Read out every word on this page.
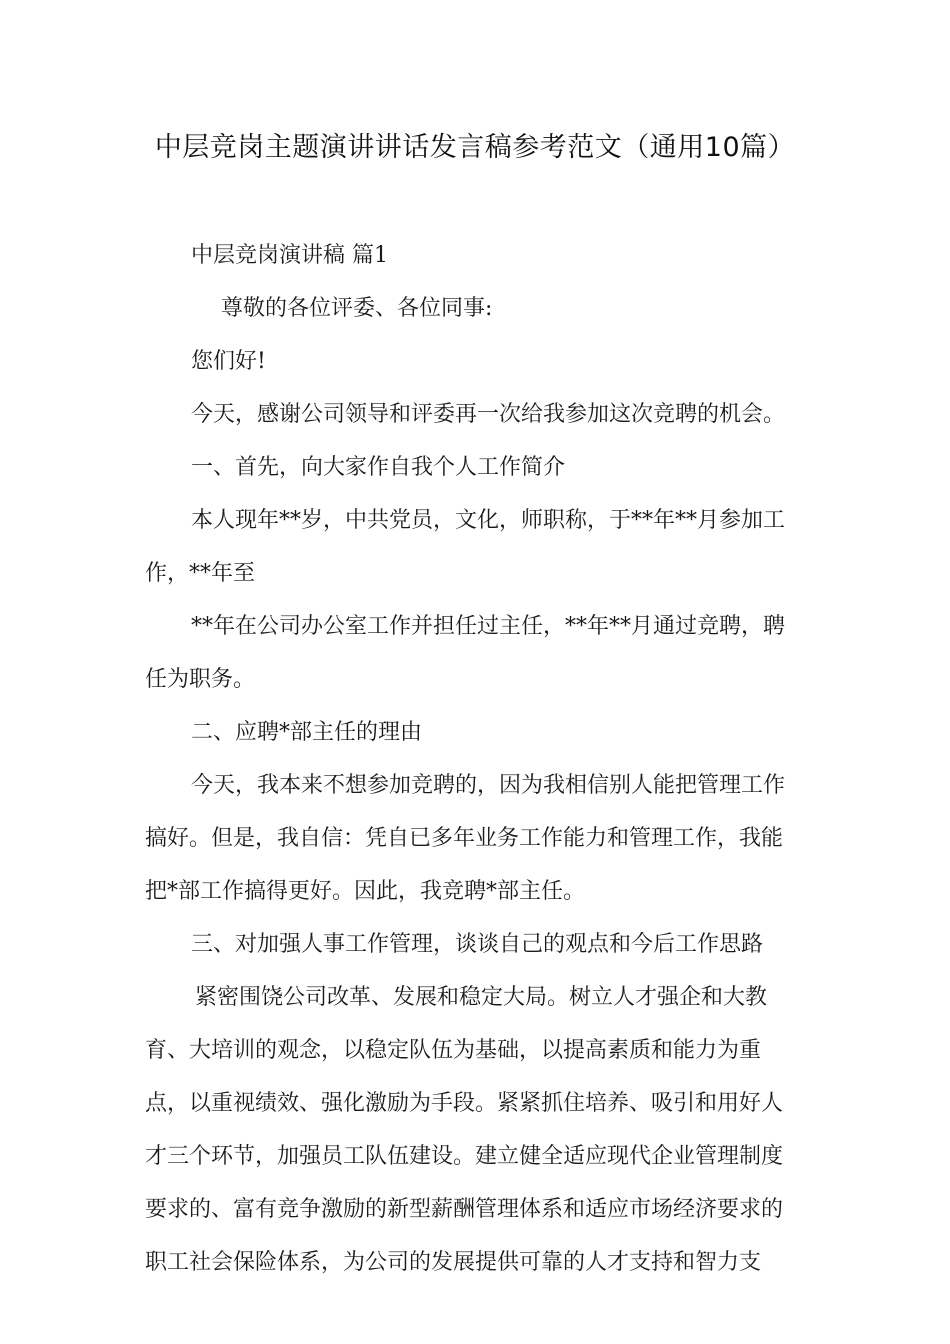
中层竞岗主题演讲讲话发言稿参考范文（通用10篇）

中层竞岗演讲稿 篇1

尊敬的各位评委、各位同事:

您们好!

今天，感谢公司领导和评委再一次给我参加这次竞聘的机会。

一、首先，向大家作自我个人工作简介

本人现年**岁，中共党员，文化，师职称，于**年**月参加工

作，**年至

**年在公司办公室工作并担任过主任，**年**月通过竞聘，聘

任为职务。

二、应聘*部主任的理由

今天，我本来不想参加竞聘的，因为我相信别人能把管理工作

搞好。但是，我自信：凭自已多年业务工作能力和管理工作，我能

把*部工作搞得更好。因此，我竞聘*部主任。

三、对加强人事工作管理，谈谈自己的观点和今后工作思路

紧密围饶公司改革、发展和稳定大局。树立人才强企和大教

育、大培训的观念，以稳定队伍为基础，以提高素质和能力为重

点，以重视绩效、强化激励为手段。紧紧抓住培养、吸引和用好人

才三个环节，加强员工队伍建设。建立健全适应现代企业管理制度

要求的、富有竞争激励的新型薪酬管理体系和适应市场经济要求的

职工社会保险体系，为公司的发展提供可靠的人才支持和智力支
